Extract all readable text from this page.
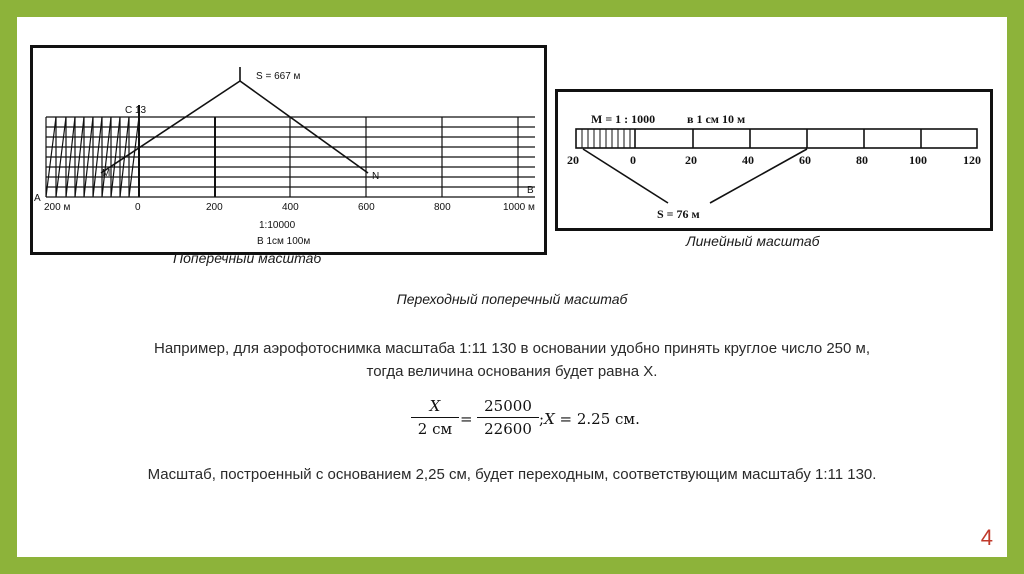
S = 667 м
C 13
M	N
A
B
200 м	0	200	400	600	800	1000 м
1:10000
В 1см 100м
М = 1 : 1000	в 1 см 10 м
20	0	20	40	60	80	100	120
S = 76 м
Поперечный масштаб
Линейный масштаб
Переходный поперечный масштаб
Например, для аэрофотоснимка масштаба 1:11 130 в основании удобно принять круглое число 250 м, тогда величина основания будет равна X.
X
2 см
= $\frac{25000}{22600}$ ;X = 2.25 см.
Масштаб, построенный с основанием 2,25 см, будет переходным, соответствующим масштабу 1:11 130.
4
